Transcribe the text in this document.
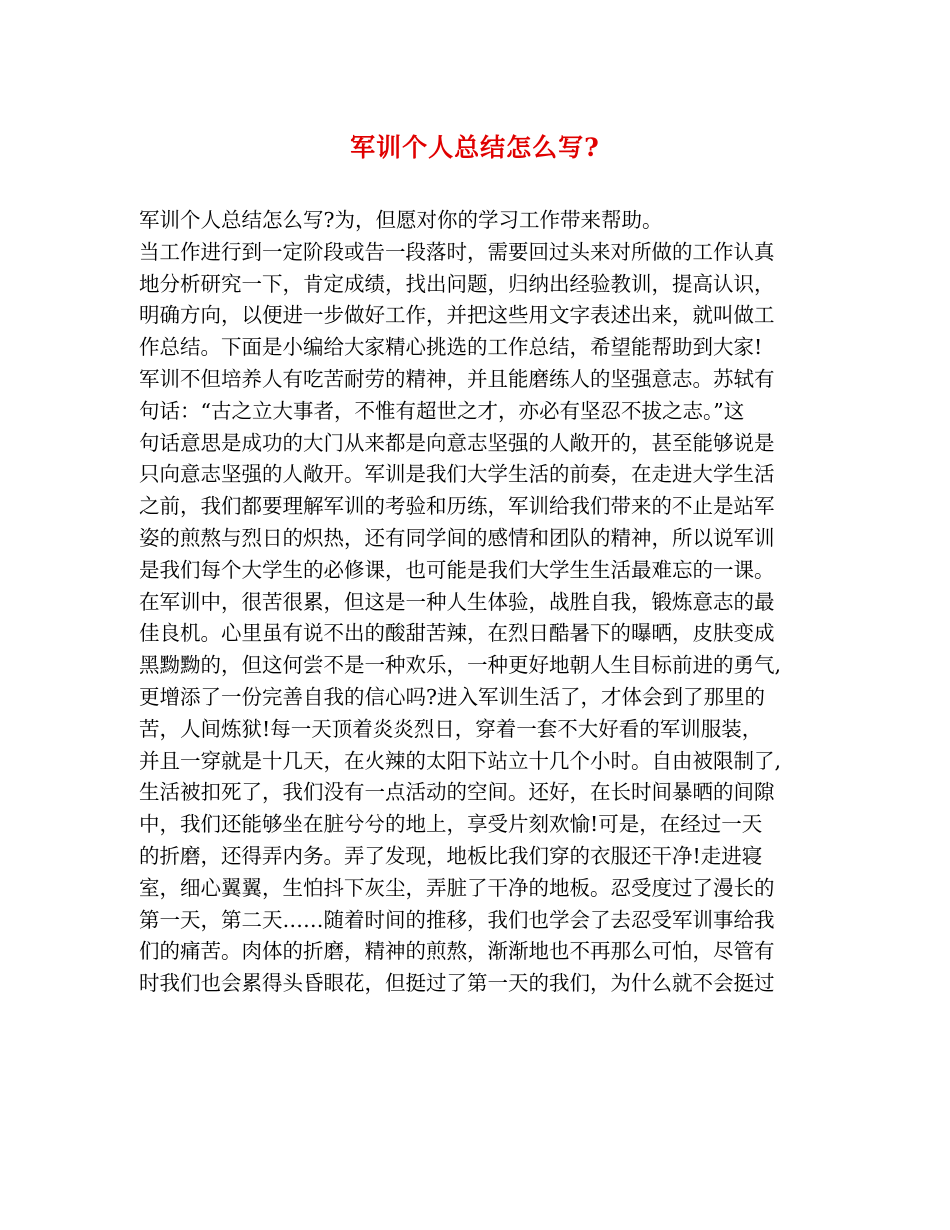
军训个人总结怎么写?
军训个人总结怎么写?为，但愿对你的学习工作带来帮助。
当工作进行到一定阶段或告一段落时，需要回过头来对所做的工作认真
地分析研究一下，肯定成绩，找出问题，归纳出经验教训，提高认识，
明确方向，以便进一步做好工作，并把这些用文字表述出来，就叫做工
作总结。下面是小编给大家精心挑选的工作总结，希望能帮助到大家!
军训不但培养人有吃苦耐劳的精神，并且能磨练人的坚强意志。苏轼有
句话：“古之立大事者，不惟有超世之才，亦必有坚忍不拔之志。”这
句话意思是成功的大门从来都是向意志坚强的人敞开的，甚至能够说是
只向意志坚强的人敞开。军训是我们大学生活的前奏，在走进大学生活
之前，我们都要理解军训的考验和历练，军训给我们带来的不止是站军
姿的煎熬与烈日的炽热，还有同学间的感情和团队的精神，所以说军训
是我们每个大学生的必修课，也可能是我们大学生生活最难忘的一课。
在军训中，很苦很累，但这是一种人生体验，战胜自我，锻炼意志的最
佳良机。心里虽有说不出的酸甜苦辣，在烈日酷暑下的曝晒，皮肤变成
黑黝黝的，但这何尝不是一种欢乐，一种更好地朝人生目标前进的勇气,
更增添了一份完善自我的信心吗?进入军训生活了，才体会到了那里的
苦，人间炼狱!每一天顶着炎炎烈日，穿着一套不大好看的军训服装，
并且一穿就是十几天，在火辣的太阳下站立十几个小时。自由被限制了,
生活被扣死了，我们没有一点活动的空间。还好，在长时间暴晒的间隙
中，我们还能够坐在脏兮兮的地上，享受片刻欢愉!可是，在经过一天
的折磨，还得弄内务。弄了发现，地板比我们穿的衣服还干净!走进寝
室，细心翼翼，生怕抖下灰尘，弄脏了干净的地板。忍受度过了漫长的
第一天，第二天……随着时间的推移，我们也学会了去忍受军训事给我
们的痛苦。肉体的折磨，精神的煎熬，渐渐地也不再那么可怕，尽管有
时我们也会累得头昏眼花，但挺过了第一天的我们，为什么就不会挺过
